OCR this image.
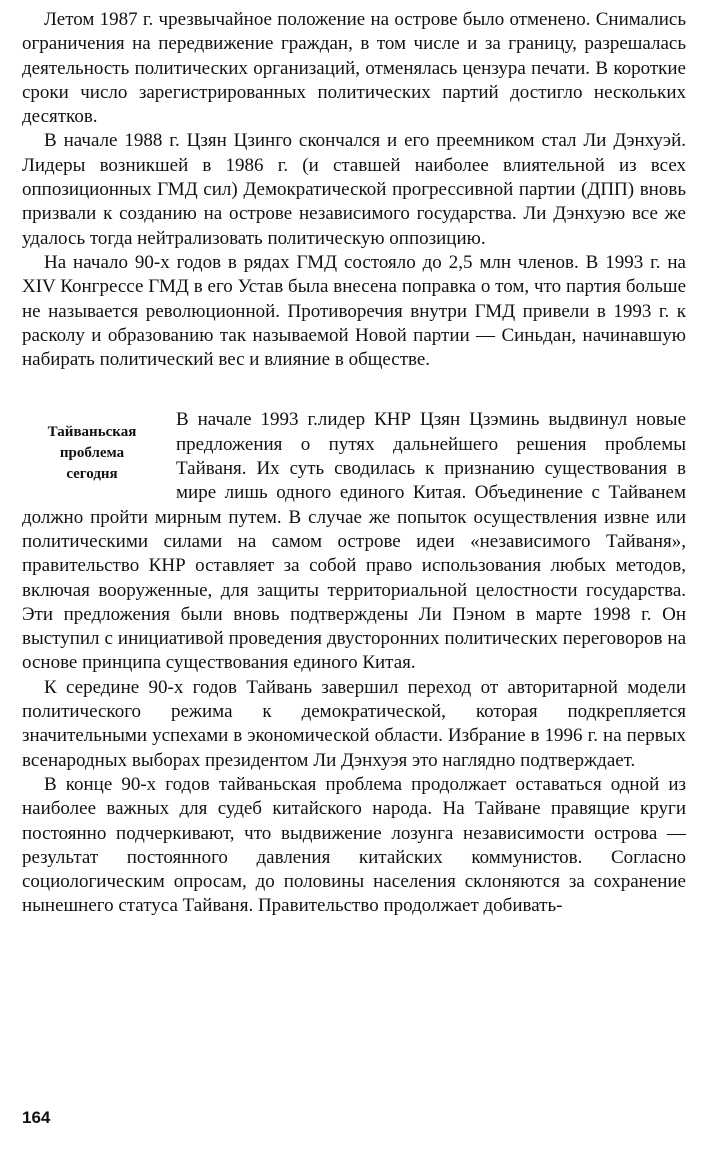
Летом 1987 г. чрезвычайное положение на острове было отменено. Снимались ограничения на передвижение граждан, в том числе и за границу, разрешалась деятельность политических организаций, отменялась цензура печати. В короткие сроки число зарегистрированных политических партий достигло нескольких десятков.

В начале 1988 г. Цзян Цзинго скончался и его преемником стал Ли Дэнхуэй. Лидеры возникшей в 1986 г. (и ставшей наиболее влиятельной из всех оппозиционных ГМД сил) Демократической прогрессивной партии (ДПП) вновь призвали к созданию на острове независимого государства. Ли Дэнхуэю все же удалось тогда нейтрализовать политическую оппозицию.

На начало 90-х годов в рядах ГМД состояло до 2,5 млн членов. В 1993 г. на XIV Конгрессе ГМД в его Устав была внесена поправка о том, что партия больше не называется революционной. Противоречия внутри ГМД привели в 1993 г. к расколу и образованию так называемой Новой партии — Синьдан, начинавшую набирать политический вес и влияние в обществе.

Тайваньская
проблема
сегодня

В начале 1993 г.лидер КНР Цзян Цзэминь выдвинул новые предложения о путях дальнейшего решения проблемы Тайваня. Их суть сводилась к признанию существования в мире лишь одного единого Китая. Объединение с Тайванем должно пройти мирным путем. В случае же попыток осуществления извне или политическими силами на самом острове идеи «независимого Тайваня», правительство КНР оставляет за собой право использования любых методов, включая вооруженные, для защиты территориальной целостности государства. Эти предложения были вновь подтверждены Ли Пэном в марте 1998 г. Он выступил с инициативой проведения двусторонних политических переговоров на основе принципа существования единого Китая.

К середине 90-х годов Тайвань завершил переход от авторитарной модели политического режима к демократической, которая подкрепляется значительными успехами в экономической области. Избрание в 1996 г. на первых всенародных выборах президентом Ли Дэнхуэя это наглядно подтверждает.

В конце 90-х годов тайваньская проблема продолжает оставаться одной из наиболее важных для судеб китайского народа. На Тайване правящие круги постоянно подчеркивают, что выдвижение лозунга независимости острова — результат постоянного давления китайских коммунистов. Согласно социологическим опросам, до половины населения склоняются за сохранение нынешнего статуса Тайваня. Правительство продолжает добивать-

164
